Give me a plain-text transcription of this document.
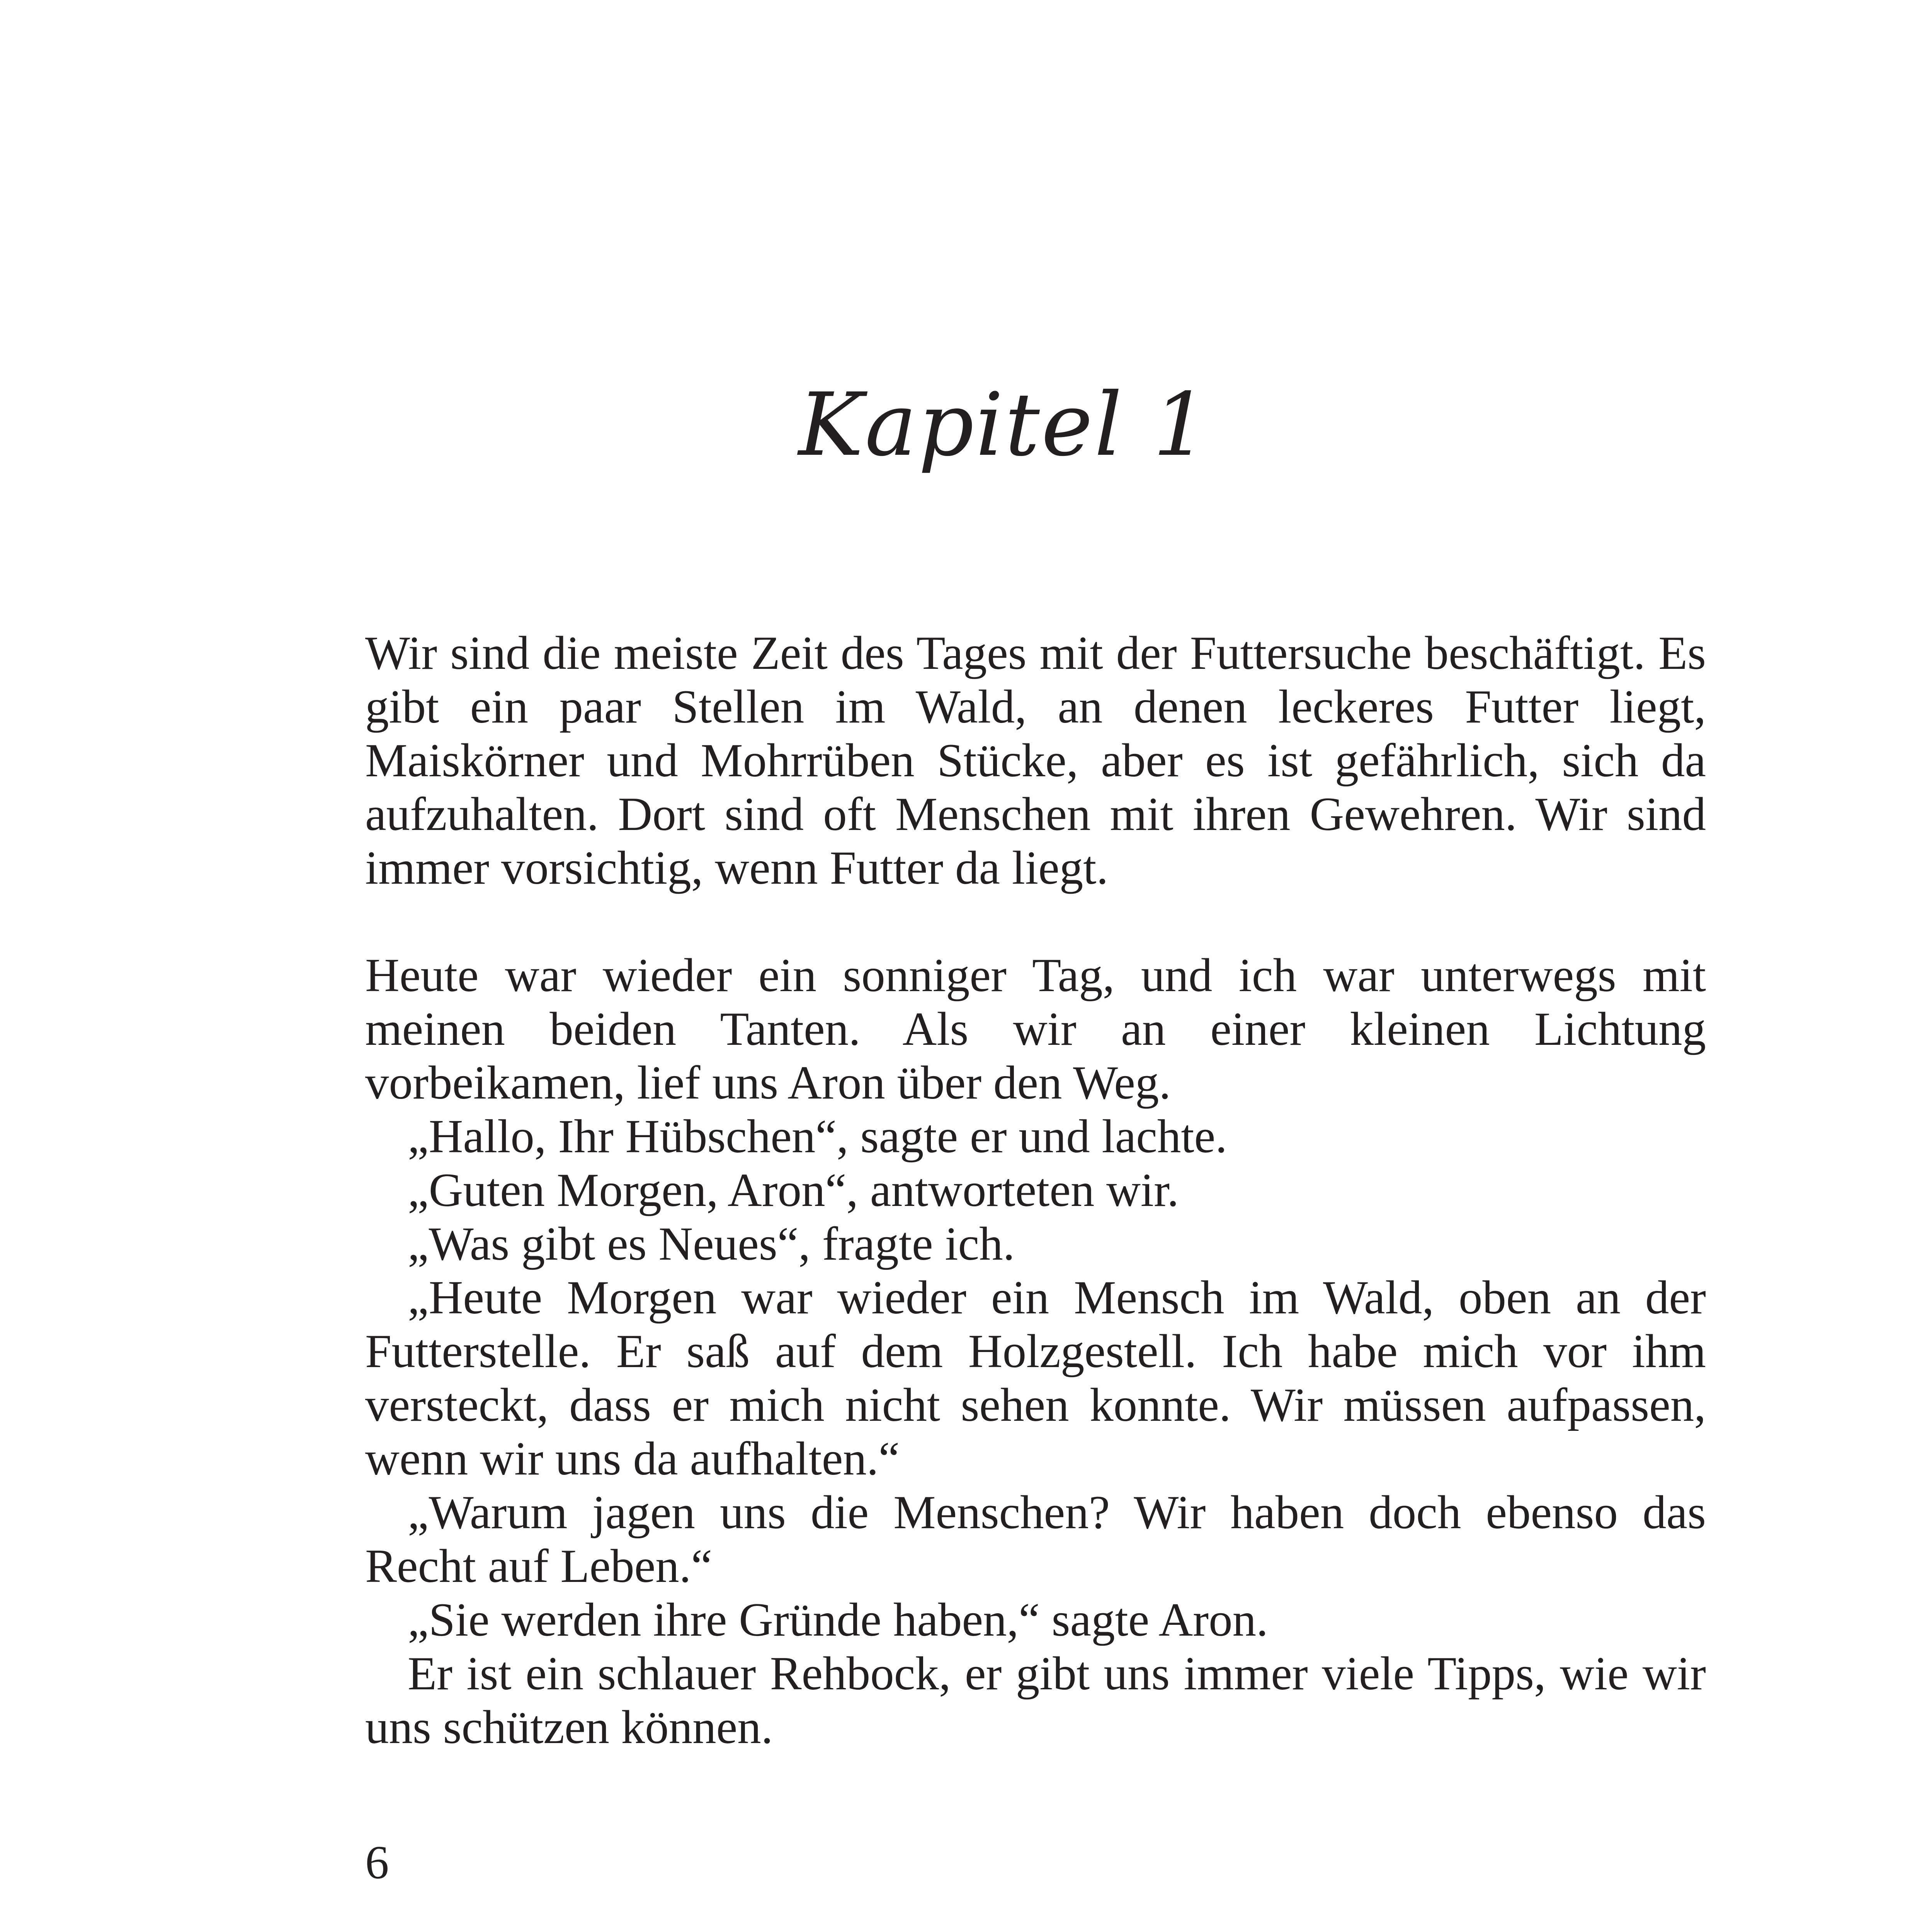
Kapitel 1

Wir sind die meiste Zeit des Tages mit der Futtersuche beschäftigt. Es gibt ein paar Stellen im Wald, an denen leckeres Futter liegt, Maiskörner und Mohrrüben Stücke, aber es ist gefährlich, sich da aufzuhalten. Dort sind oft Menschen mit ihren Gewehren. Wir sind immer vorsichtig, wenn Futter da liegt.

Heute war wieder ein sonniger Tag, und ich war unterwegs mit meinen beiden Tanten. Als wir an einer kleinen Lichtung vorbeikamen, lief uns Aron über den Weg.

„Hallo, Ihr Hübschen“, sagte er und lachte.

„Guten Morgen, Aron“, antworteten wir.

„Was gibt es Neues“, fragte ich.

„Heute Morgen war wieder ein Mensch im Wald, oben an der Futterstelle. Er saß auf dem Holzgestell. Ich habe mich vor ihm versteckt, dass er mich nicht sehen konnte. Wir müssen aufpassen, wenn wir uns da aufhalten.“

„Warum jagen uns die Menschen? Wir haben doch ebenso das Recht auf Leben.“

„Sie werden ihre Gründe haben,“ sagte Aron.

Er ist ein schlauer Rehbock, er gibt uns immer viele Tipps, wie wir uns schützen können.

6
